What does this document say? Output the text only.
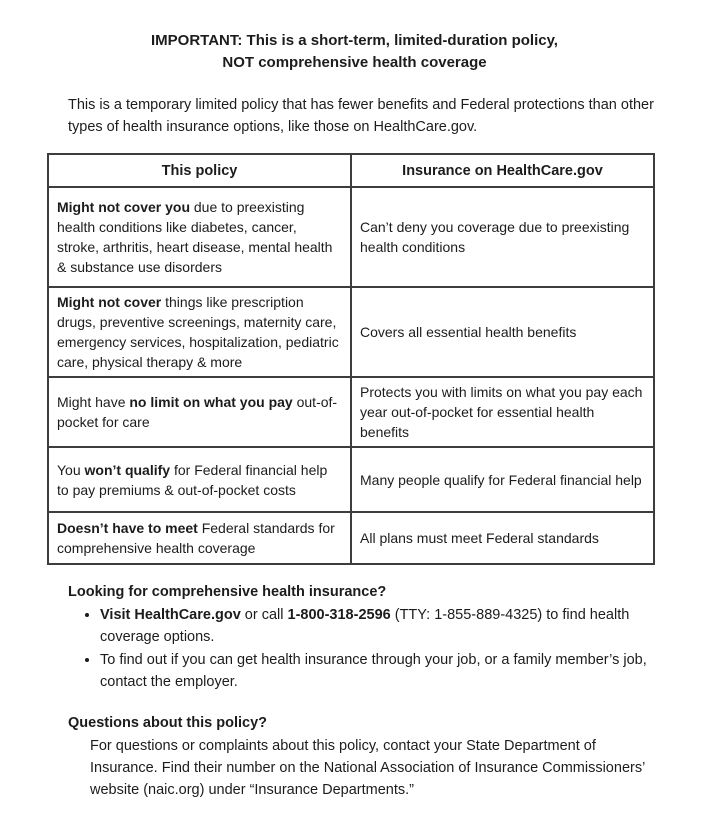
IMPORTANT: This is a short-term, limited-duration policy,
NOT comprehensive health coverage

This is a temporary limited policy that has fewer benefits and Federal protections than other types of health insurance options, like those on HealthCare.gov.

This policy	Insurance on HealthCare.gov
Might not cover you due to preexisting health conditions like diabetes, cancer, stroke, arthritis, heart disease, mental health & substance use disorders	Can’t deny you coverage due to preexisting health conditions
Might not cover things like prescription drugs, preventive screenings, maternity care, emergency services, hospitalization, pediatric care, physical therapy & more	Covers all essential health benefits
Might have no limit on what you pay out-of-pocket for care	Protects you with limits on what you pay each year out-of-pocket for essential health benefits
You won’t qualify for Federal financial help to pay premiums & out-of-pocket costs	Many people qualify for Federal financial help
Doesn’t have to meet Federal standards for comprehensive health coverage	All plans must meet Federal standards
Looking for comprehensive health insurance?
• Visit HealthCare.gov or call 1-800-318-2596 (TTY: 1-855-889-4325) to find health coverage options.
• To find out if you can get health insurance through your job, or a family member’s job, contact the employer.
Questions about this policy?

For questions or complaints about this policy, contact your State Department of Insurance. Find their number on the National Association of Insurance Commissioners’ website (naic.org) under “Insurance Departments.”
